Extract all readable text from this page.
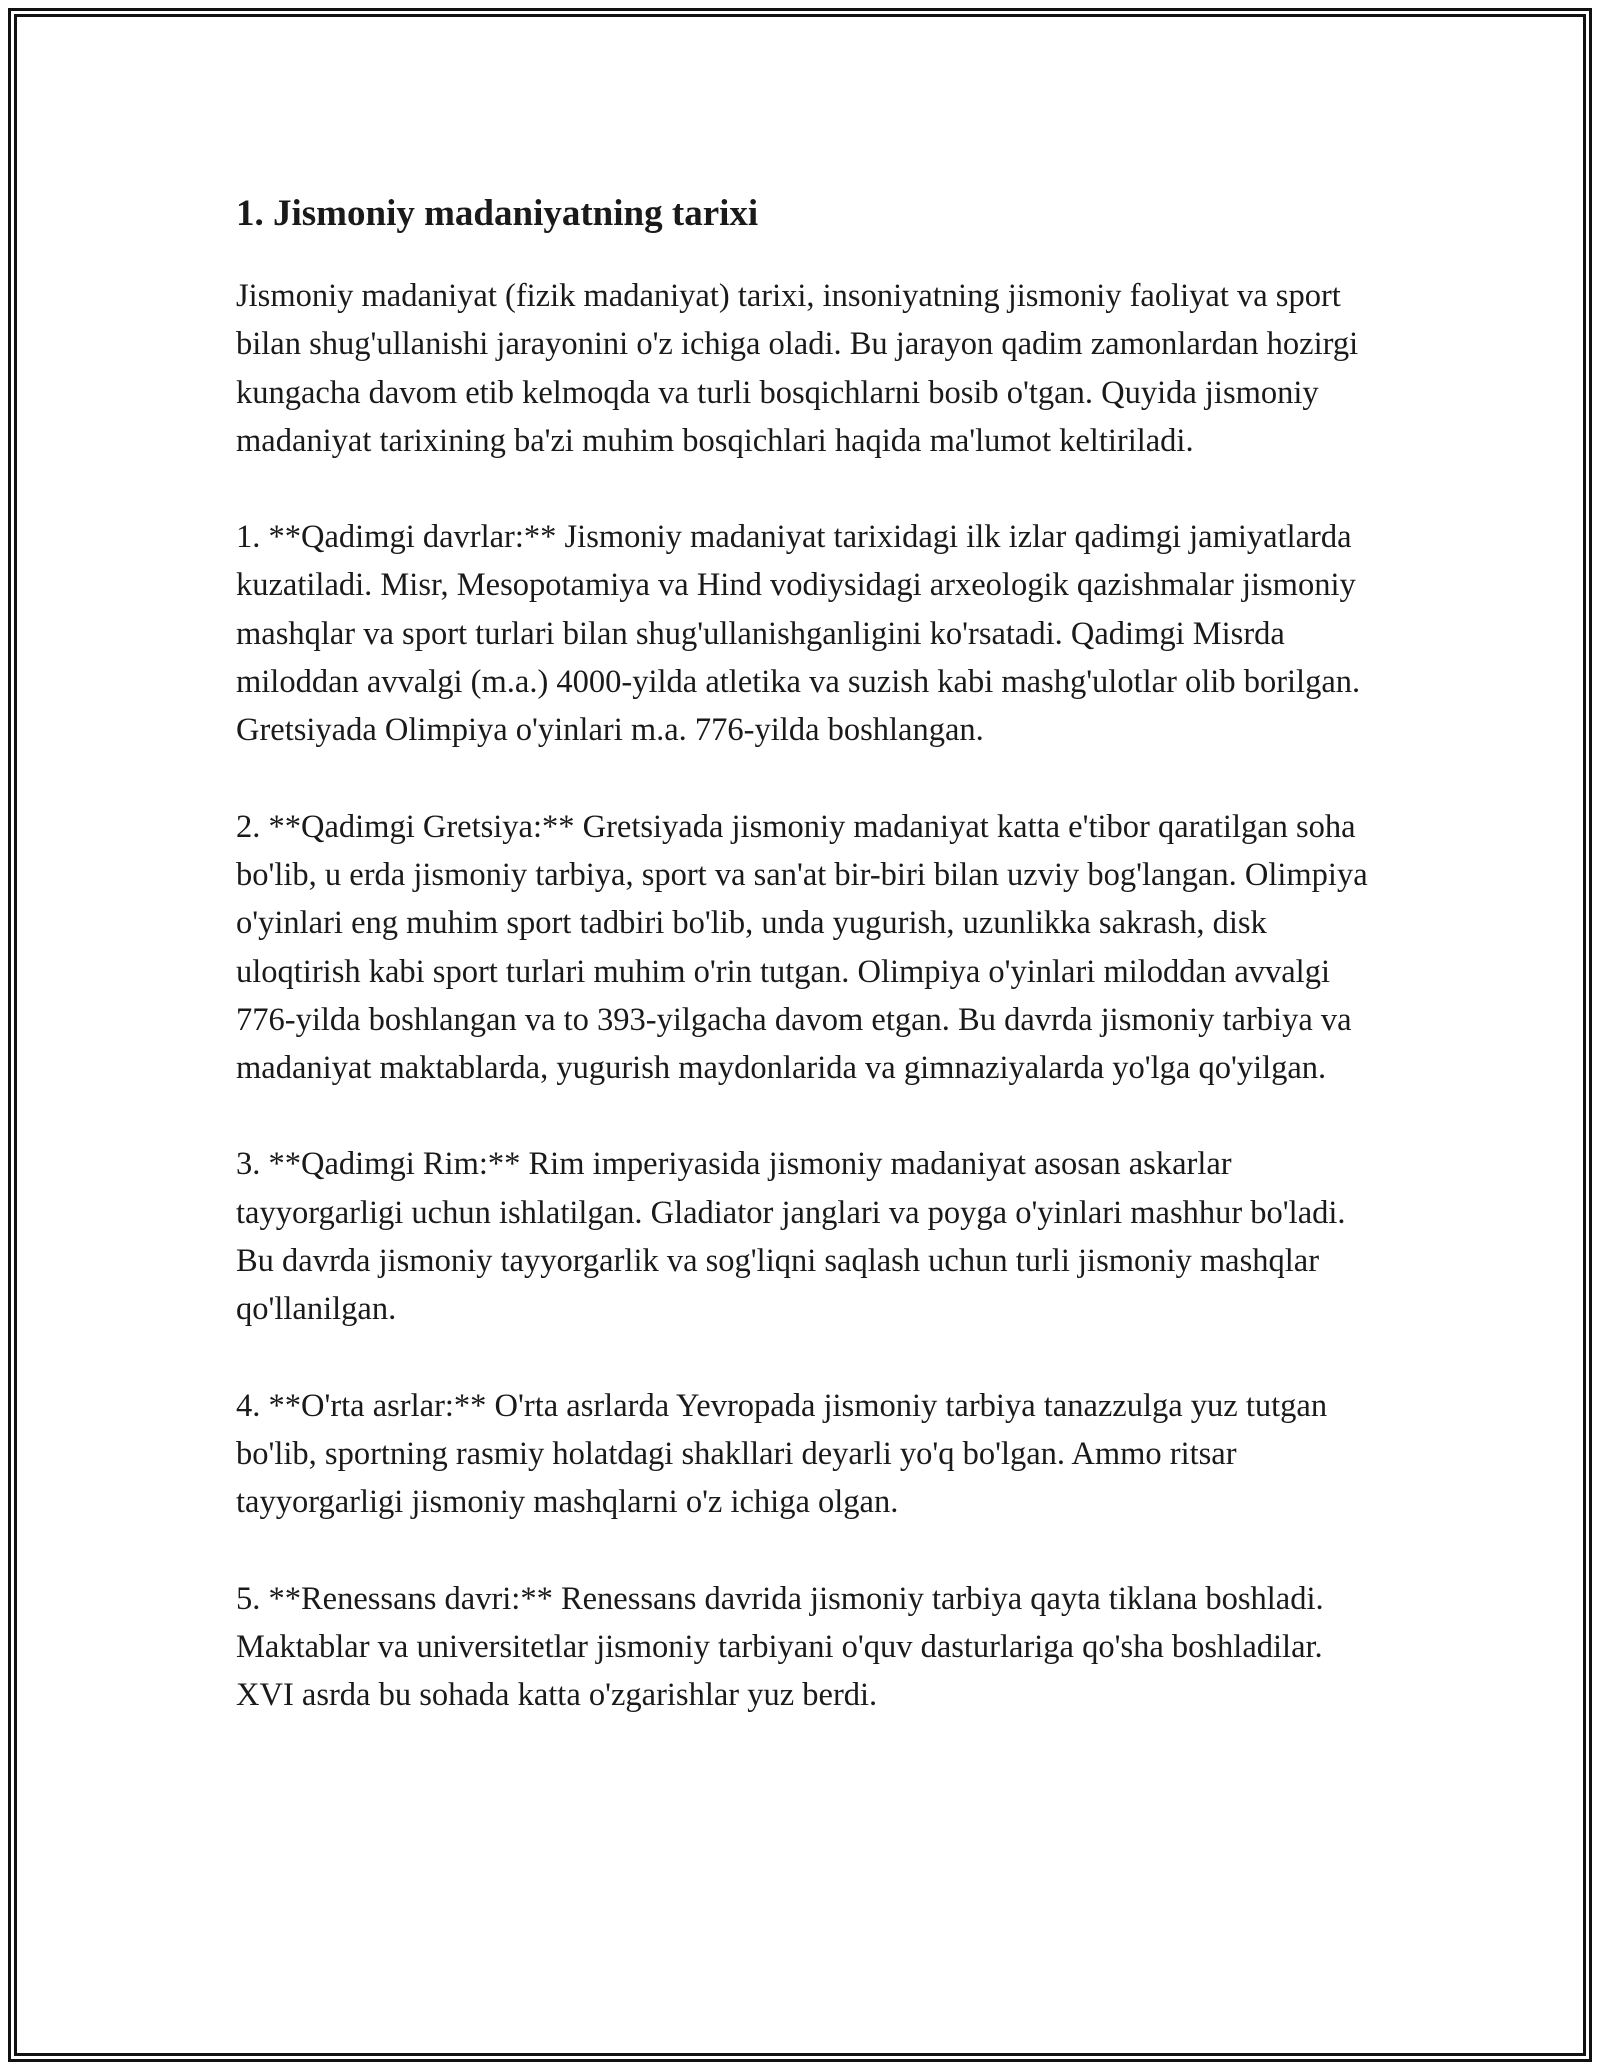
1. Jismoniy madaniyatning tarixi

Jismoniy madaniyat (fizik madaniyat) tarixi, insoniyatning jismoniy faoliyat va sport bilan shug'ullanishi jarayonini o'z ichiga oladi. Bu jarayon qadim zamonlardan hozirgi kungacha davom etib kelmoqda va turli bosqichlarni bosib o'tgan. Quyida jismoniy madaniyat tarixining ba'zi muhim bosqichlari haqida ma'lumot keltiriladi.

1. **Qadimgi davrlar:** Jismoniy madaniyat tarixidagi ilk izlar qadimgi jamiyatlarda kuzatiladi. Misr, Mesopotamiya va Hind vodiysidagi arxeologik qazishmalar jismoniy mashqlar va sport turlari bilan shug'ullanishganligini ko'rsatadi. Qadimgi Misrda miloddan avvalgi (m.a.) 4000-yilda atletika va suzish kabi mashg'ulotlar olib borilgan. Gretsiyada Olimpiya o'yinlari m.a. 776-yilda boshlangan.

2. **Qadimgi Gretsiya:** Gretsiyada jismoniy madaniyat katta e'tibor qaratilgan soha bo'lib, u erda jismoniy tarbiya, sport va san'at bir-biri bilan uzviy bog'langan. Olimpiya o'yinlari eng muhim sport tadbiri bo'lib, unda yugurish, uzunlikka sakrash, disk uloqtirish kabi sport turlari muhim o'rin tutgan. Olimpiya o'yinlari miloddan avvalgi 776-yilda boshlangan va to 393-yilgacha davom etgan. Bu davrda jismoniy tarbiya va madaniyat maktablarda, yugurish maydonlarida va gimnaziyalarda yo'lga qo'yilgan.

3. **Qadimgi Rim:** Rim imperiyasida jismoniy madaniyat asosan askarlar tayyorgarligi uchun ishlatilgan. Gladiator janglari va poyga o'yinlari mashhur bo'ladi. Bu davrda jismoniy tayyorgarlik va sog'liqni saqlash uchun turli jismoniy mashqlar qo'llanilgan.

4. **O'rta asrlar:** O'rta asrlarda Yevropada jismoniy tarbiya tanazzulga yuz tutgan bo'lib, sportning rasmiy holatdagi shakllari deyarli yo'q bo'lgan. Ammo ritsar tayyorgarligi jismoniy mashqlarni o'z ichiga olgan.

5. **Renessans davri:** Renessans davrida jismoniy tarbiya qayta tiklana boshladi. Maktablar va universitetlar jismoniy tarbiyani o'quv dasturlariga qo'sha boshladilar. XVI asrda bu sohada katta o'zgarishlar yuz berdi.
